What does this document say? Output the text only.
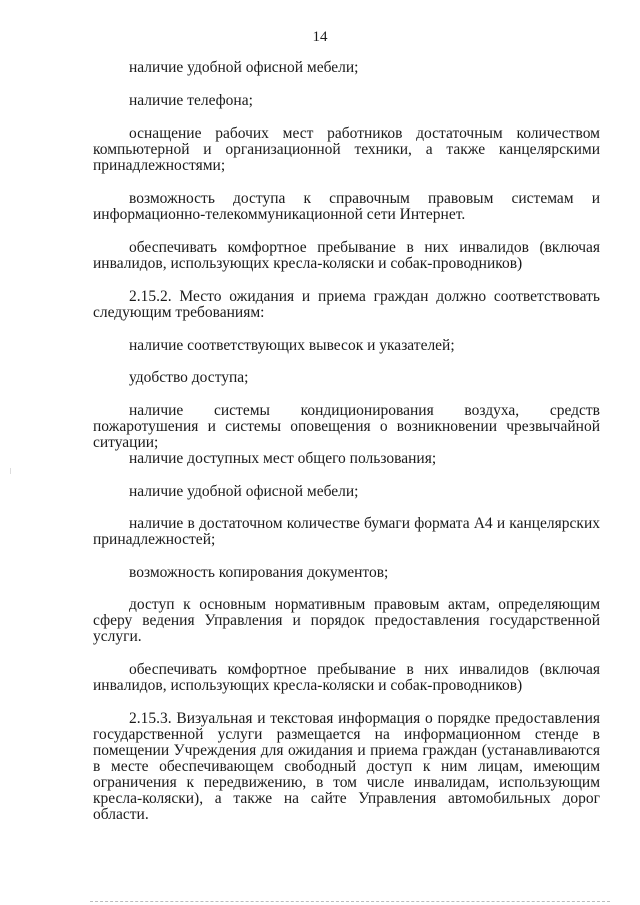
14

наличие удобной офисной мебели;

наличие телефона;

оснащение рабочих мест работников достаточным количеством компьютерной и организационной техники, а также канцелярскими принадлежностями;

возможность доступа к справочным правовым системам и информационно-телекоммуникационной сети Интернет.

обеспечивать комфортное пребывание в них инвалидов (включая инвалидов, использующих кресла-коляски и собак-проводников)

2.15.2. Место ожидания и приема граждан должно соответствовать следующим требованиям:

наличие соответствующих вывесок и указателей;

удобство доступа;

наличие системы кондиционирования воздуха, средств пожаротушения и системы оповещения о возникновении чрезвычайной ситуации;

наличие доступных мест общего пользования;

наличие удобной офисной мебели;

наличие в достаточном количестве бумаги формата А4 и канцелярских принадлежностей;

возможность копирования документов;

доступ к основным нормативным правовым актам, определяющим сферу ведения Управления и порядок предоставления государственной услуги.

обеспечивать комфортное пребывание в них инвалидов (включая инвалидов, использующих кресла-коляски и собак-проводников)

2.15.3. Визуальная и текстовая информация о порядке предоставления государственной услуги размещается на информационном стенде в помещении Учреждения для ожидания и приема граждан (устанавливаются в месте обеспечивающем свободный доступ к ним лицам, имеющим ограничения к передвижению, в том числе инвалидам, использующим кресла-коляски), а также на сайте Управления автомобильных дорог области.
